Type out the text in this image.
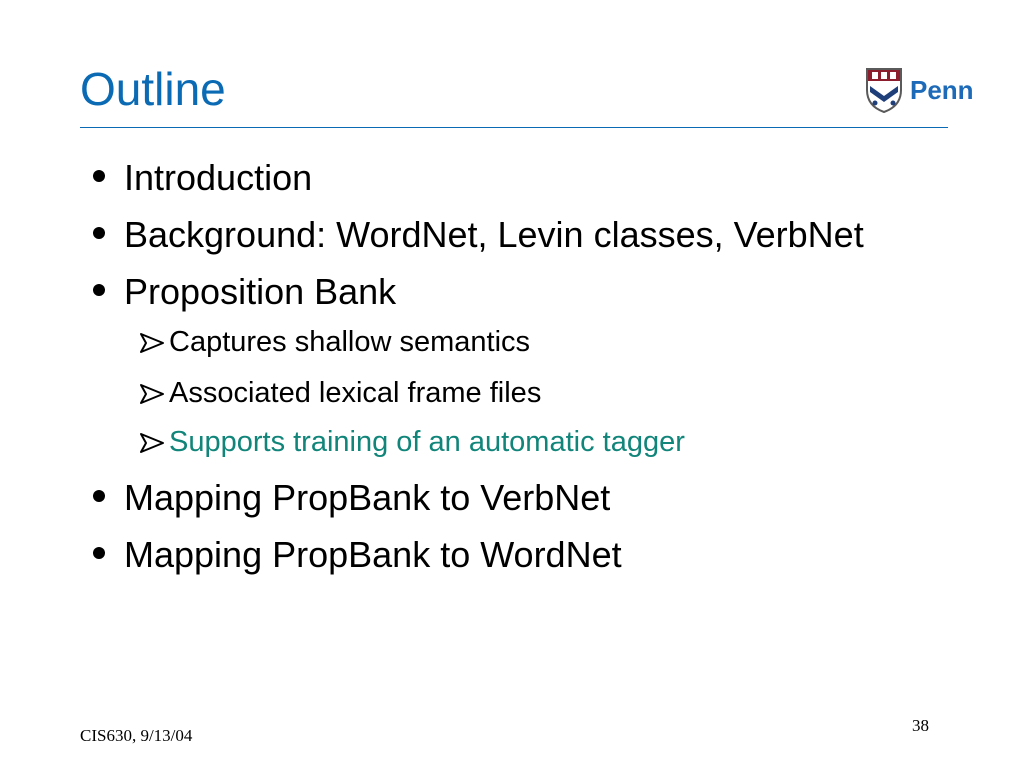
Outline	Penn
Introduction
Background: WordNet, Levin classes, VerbNet
Proposition Bank
Captures shallow semantics
Associated lexical frame files
Supports training of an automatic tagger
Mapping PropBank to VerbNet
Mapping PropBank to WordNet
CIS630, 9/13/04
38
